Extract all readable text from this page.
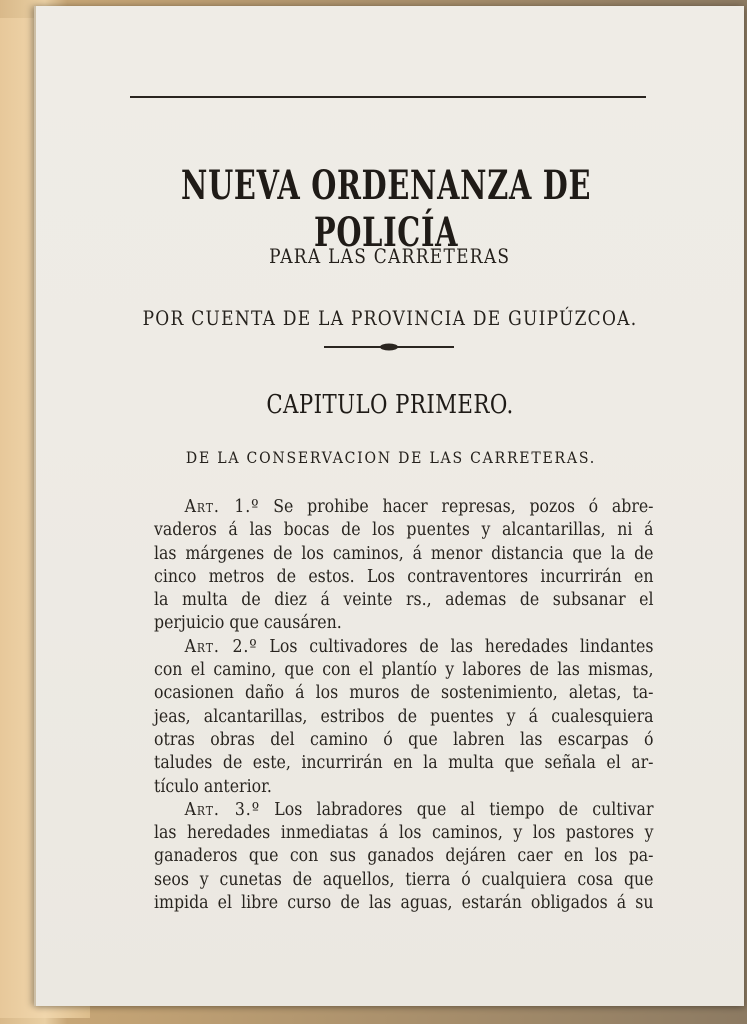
NUEVA ORDENANZA DE POLICÍA
PARA LAS CARRETERAS
POR CUENTA DE LA PROVINCIA DE GUIPÚZCOA.
CAPITULO PRIMERO.
DE LA CONSERVACION DE LAS CARRETERAS.
Art. 1.º Se prohibe hacer represas, pozos ó abre-
vaderos á las bocas de los puentes y alcantarillas, ni á
las márgenes de los caminos, á menor distancia que la de
cinco metros de estos. Los contraventores incurrirán en
la multa de diez á veinte rs., ademas de subsanar el
perjuicio que causáren.
Art. 2.º Los cultivadores de las heredades lindantes
con el camino, que con el plantío y labores de las mismas,
ocasionen daño á los muros de sostenimiento, aletas, ta-
jeas, alcantarillas, estribos de puentes y á cualesquiera
otras obras del camino ó que labren las escarpas ó
taludes de este, incurrirán en la multa que señala el ar-
tículo anterior.
Art. 3.º Los labradores que al tiempo de cultivar
las heredades inmediatas á los caminos, y los pastores y
ganaderos que con sus ganados dejáren caer en los pa-
seos y cunetas de aquellos, tierra ó cualquiera cosa que
impida el libre curso de las aguas, estarán obligados á su
